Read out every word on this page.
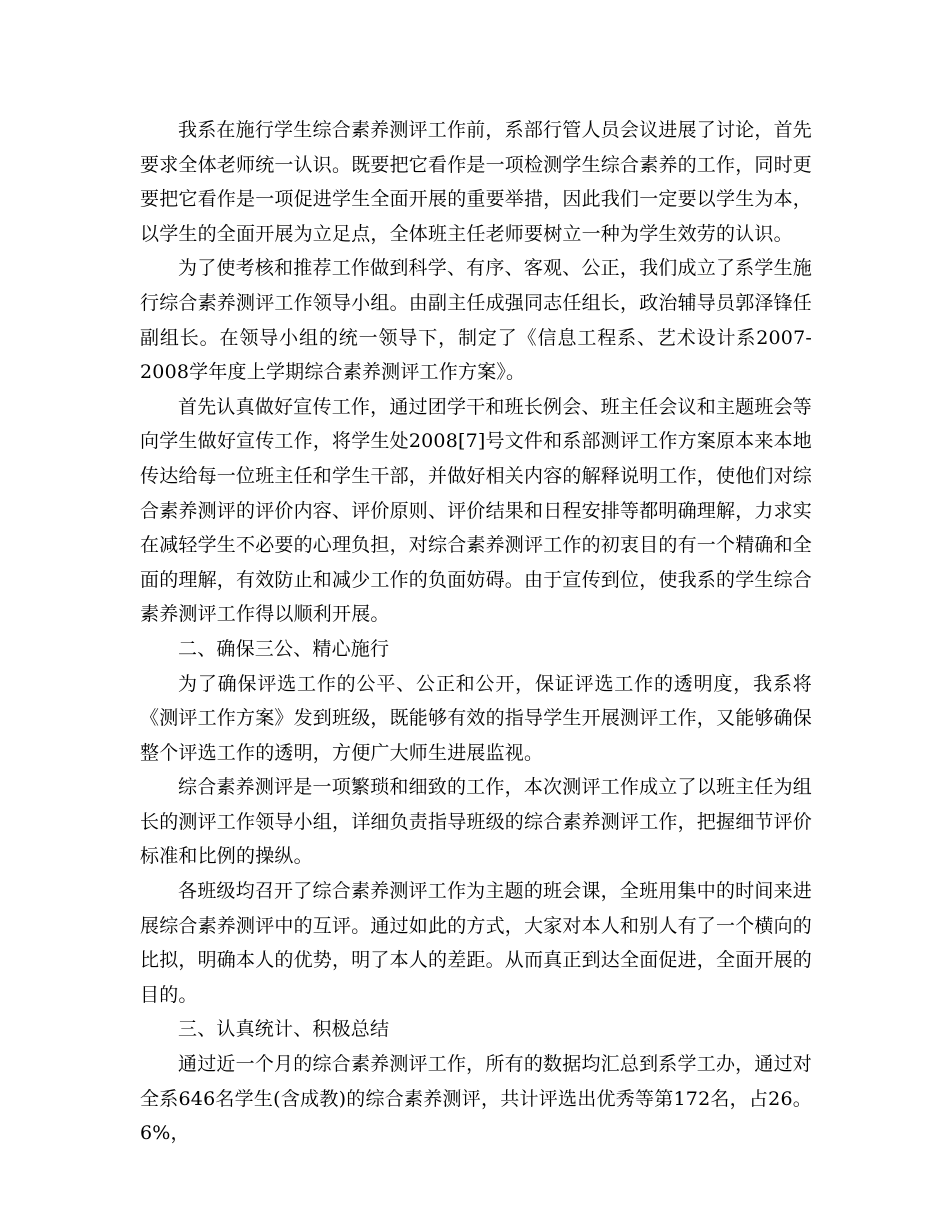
我系在施行学生综合素养测评工作前，系部行管人员会议进展了讨论，首先要求全体老师统一认识。既要把它看作是一项检测学生综合素养的工作，同时更要把它看作是一项促进学生全面开展的重要举措，因此我们一定要以学生为本，以学生的全面开展为立足点，全体班主任老师要树立一种为学生效劳的认识。

为了使考核和推荐工作做到科学、有序、客观、公正，我们成立了系学生施行综合素养测评工作领导小组。由副主任成强同志任组长，政治辅导员郭泽锋任副组长。在领导小组的统一领导下，制定了《信息工程系、艺术设计系2007-2008学年度上学期综合素养测评工作方案》。

首先认真做好宣传工作，通过团学干和班长例会、班主任会议和主题班会等向学生做好宣传工作，将学生处2008[7]号文件和系部测评工作方案原本来本地传达给每一位班主任和学生干部，并做好相关内容的解释说明工作，使他们对综合素养测评的评价内容、评价原则、评价结果和日程安排等都明确理解，力求实在减轻学生不必要的心理负担，对综合素养测评工作的初衷目的有一个精确和全面的理解，有效防止和减少工作的负面妨碍。由于宣传到位，使我系的学生综合素养测评工作得以顺利开展。

二、确保三公、精心施行

为了确保评选工作的公平、公正和公开，保证评选工作的透明度，我系将《测评工作方案》发到班级，既能够有效的指导学生开展测评工作，又能够确保整个评选工作的透明，方便广大师生进展监视。

综合素养测评是一项繁琐和细致的工作，本次测评工作成立了以班主任为组长的测评工作领导小组，详细负责指导班级的综合素养测评工作，把握细节评价标准和比例的操纵。

各班级均召开了综合素养测评工作为主题的班会课，全班用集中的时间来进展综合素养测评中的互评。通过如此的方式，大家对本人和别人有了一个横向的比拟，明确本人的优势，明了本人的差距。从而真正到达全面促进，全面开展的目的。

三、认真统计、积极总结

通过近一个月的综合素养测评工作，所有的数据均汇总到系学工办，通过对全系646名学生(含成教)的综合素养测评，共计评选出优秀等第172名，占26。6%，
